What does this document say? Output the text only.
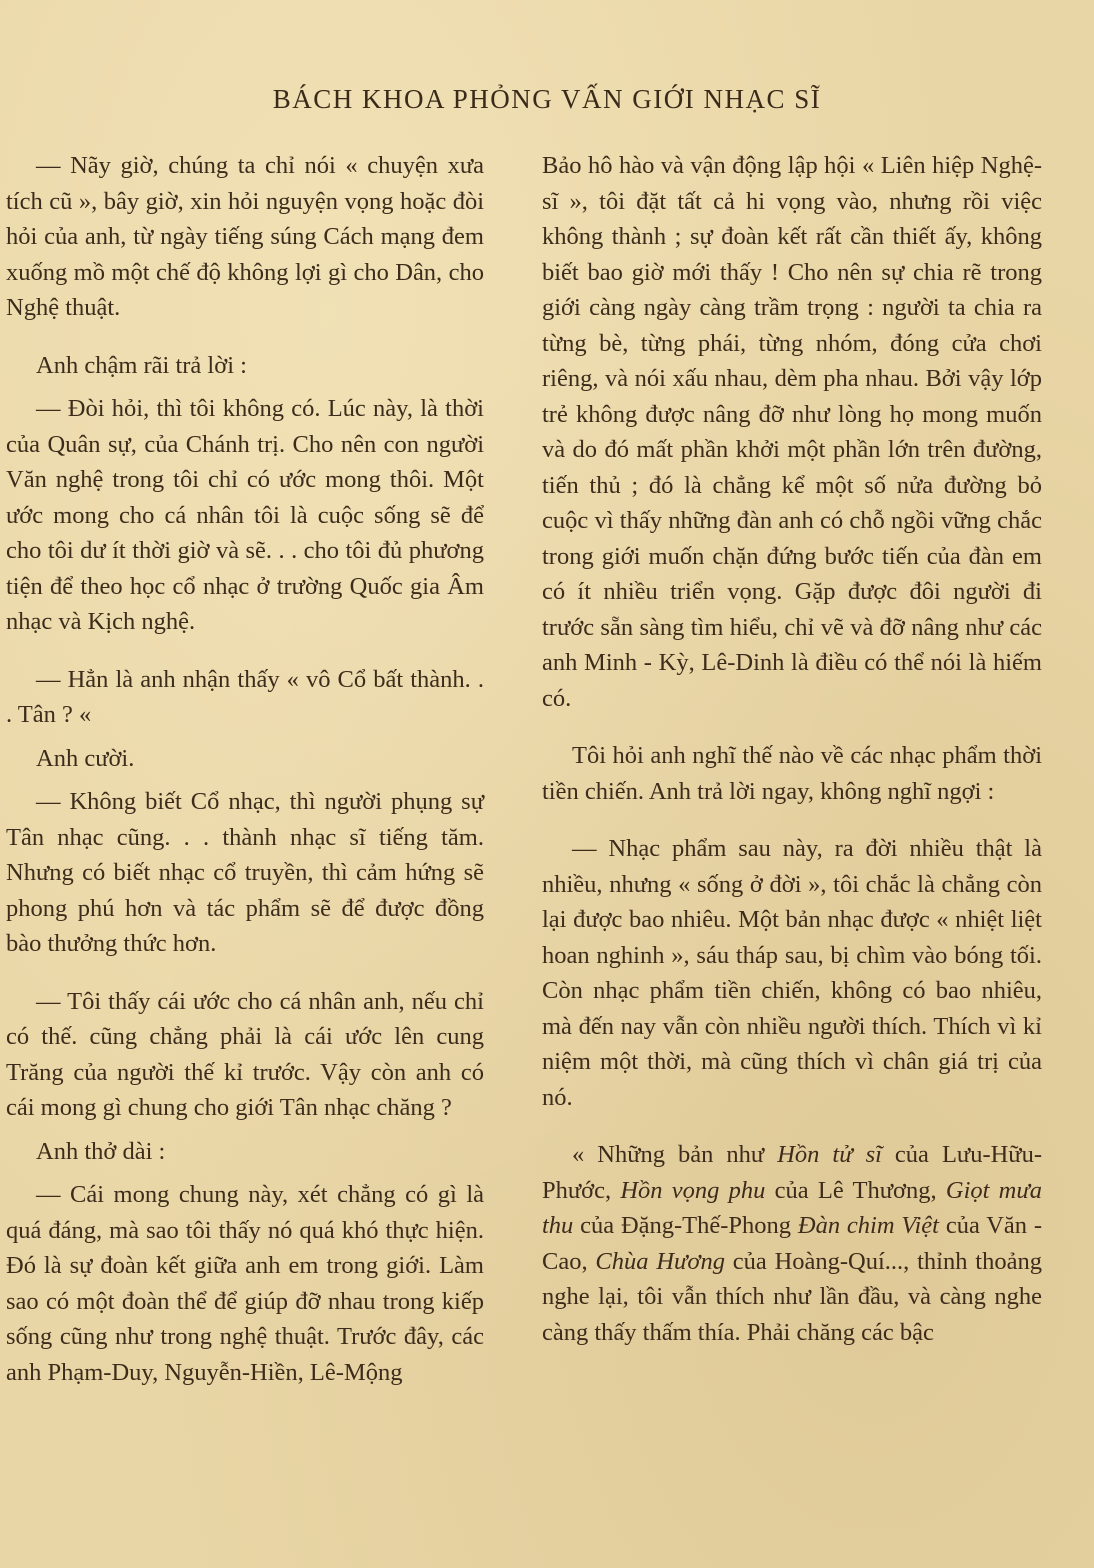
BÁCH KHOA PHỎNG VẤN GIỚI NHẠC SĨ

— Nãy giờ, chúng ta chỉ nói « chuyện xưa tích cũ », bây giờ, xin hỏi nguyện vọng hoặc đòi hỏi của anh, từ ngày tiếng súng Cách mạng đem xuống mồ một chế độ không lợi gì cho Dân, cho Nghệ thuật.

Anh chậm rãi trả lời :

— Đòi hỏi, thì tôi không có. Lúc này, là thời của Quân sự, của Chánh trị. Cho nên con người Văn nghệ trong tôi chỉ có ước mong thôi. Một ước mong cho cá nhân tôi là cuộc sống sẽ để cho tôi dư ít thời giờ và sẽ. . . cho tôi đủ phương tiện để theo học cổ nhạc ở trường Quốc gia Âm nhạc và Kịch nghệ.

— Hẳn là anh nhận thấy « vô Cổ bất thành. . . Tân ? «

Anh cười.

— Không biết Cổ nhạc, thì người phụng sự Tân nhạc cũng. . . thành nhạc sĩ tiếng tăm. Nhưng có biết nhạc cổ truyền, thì cảm hứng sẽ phong phú hơn và tác phẩm sẽ để được đồng bào thưởng thức hơn.

— Tôi thấy cái ước cho cá nhân anh, nếu chỉ có thế. cũng chẳng phải là cái ước lên cung Trăng của người thế kỉ trước. Vậy còn anh có cái mong gì chung cho giới Tân nhạc chăng ?

Anh thở dài :

— Cái mong chung này, xét chẳng có gì là quá đáng, mà sao tôi thấy nó quá khó thực hiện. Đó là sự đoàn kết giữa anh em trong giới. Làm sao có một đoàn thể để giúp đỡ nhau trong kiếp sống cũng như trong nghệ thuật. Trước đây, các anh Phạm-Duy, Nguyễn-Hiền, Lê-Mộng

Bảo hô hào và vận động lập hội « Liên hiệp Nghệ-sĩ », tôi đặt tất cả hi vọng vào, nhưng rồi việc không thành ; sự đoàn kết rất cần thiết ấy, không biết bao giờ mới thấy ! Cho nên sự chia rẽ trong giới càng ngày càng trầm trọng : người ta chia ra từng bè, từng phái, từng nhóm, đóng cửa chơi riêng, và nói xấu nhau, dèm pha nhau. Bởi vậy lớp trẻ không được nâng đỡ như lòng họ mong muốn và do đó mất phần khởi một phần lớn trên đường, tiến thủ ; đó là chẳng kể một số nửa đường bỏ cuộc vì thấy những đàn anh có chỗ ngồi vững chắc trong giới muốn chặn đứng bước tiến của đàn em có ít nhiều triển vọng. Gặp được đôi người đi trước sẵn sàng tìm hiểu, chỉ vẽ và đỡ nâng như các anh Minh - Kỳ, Lê-Dinh là điều có thể nói là hiếm có.

Tôi hỏi anh nghĩ thế nào về các nhạc phẩm thời tiền chiến. Anh trả lời ngay, không nghĩ ngợi :

— Nhạc phẩm sau này, ra đời nhiều thật là nhiều, nhưng « sống ở đời », tôi chắc là chẳng còn lại được bao nhiêu. Một bản nhạc được « nhiệt liệt hoan nghinh », sáu tháp sau, bị chìm vào bóng tối. Còn nhạc phẩm tiền chiến, không có bao nhiêu, mà đến nay vẫn còn nhiều người thích. Thích vì kỉ niệm một thời, mà cũng thích vì chân giá trị của nó.

« Những bản như Hồn tử sĩ của Lưu-Hữu-Phước, Hồn vọng phu của Lê Thương, Giọt mưa thu của Đặng-Thế-Phong Đàn chim Việt của Văn - Cao, Chùa Hương của Hoàng-Quí..., thỉnh thoảng nghe lại, tôi vẫn thích như lần đầu, và càng nghe càng thấy thấm thía. Phải chăng các bậc
